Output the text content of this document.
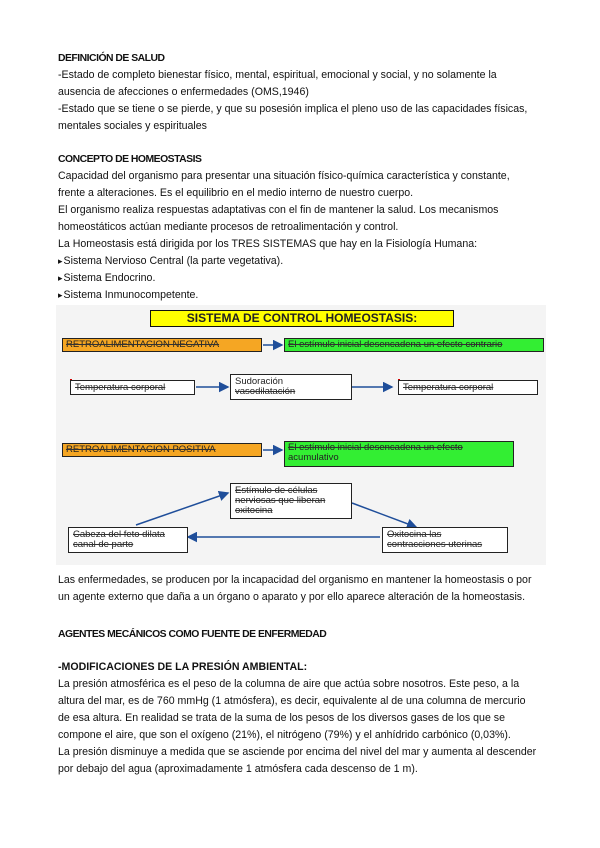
DEFINICIÓN DE SALUD
-Estado de completo bienestar físico, mental, espiritual, emocional y social, y no solamente la
ausencia de afecciones o enfermedades (OMS,1946)
-Estado que se tiene o se pierde, y que su posesión implica el pleno uso de las capacidades físicas,
mentales sociales y espirituales
CONCEPTO DE HOMEOSTASIS
Capacidad del organismo para presentar una situación físico-química característica y constante,
frente a alteraciones. Es el equilibrio en el medio interno de nuestro cuerpo.
El organismo realiza respuestas adaptativas con el fin de mantener la salud. Los mecanismos
homeostáticos actúan mediante procesos de retroalimentación y control.
La Homeostasis está dirigida por los TRES SISTEMAS que hay en la Fisiología Humana:
▸ Sistema Nervioso Central (la parte vegetativa).
▸ Sistema Endocrino.
▸ Sistema Inmunocompetente.
SISTEMA DE CONTROL HOMEOSTASIS:
RETROALIMENTACION NEGATIVA	El estímulo inicial desencadena un efecto contrario
Temperatura corporal
Sudoración
vasodilatación	Temperatura corporal
RETROALIMENTACION POSITIVA	El estímulo inicial desencadena un efecto
acumulativo
Estímulo de células
nerviosas que liberan
oxitocina
Cabeza del feto dilata
canal de parto
Oxitocina las
contracciones uterinas
Las enfermedades, se producen por la incapacidad del organismo en mantener la homeostasis o por
un agente externo que daña a un órgano o aparato y por ello aparece alteración de la homeostasis.
AGENTES MECÁNICOS COMO FUENTE DE ENFERMEDAD
-MODIFICACIONES DE LA PRESIÓN AMBIENTAL:
La presión atmosférica es el peso de la columna de aire que actúa sobre nosotros. Este peso, a la
altura del mar, es de 760 mmHg (1 atmósfera), es decir, equivalente al de una columna de mercurio
de esa altura. En realidad se trata de la suma de los pesos de los diversos gases de los que se
compone el aire, que son el oxígeno (21%), el nitrógeno (79%) y el anhídrido carbónico (0,03%).
La presión disminuye a medida que se asciende por encima del nivel del mar y aumenta al descender
por debajo del agua (aproximadamente 1 atmósfera cada descenso de 1 m).
